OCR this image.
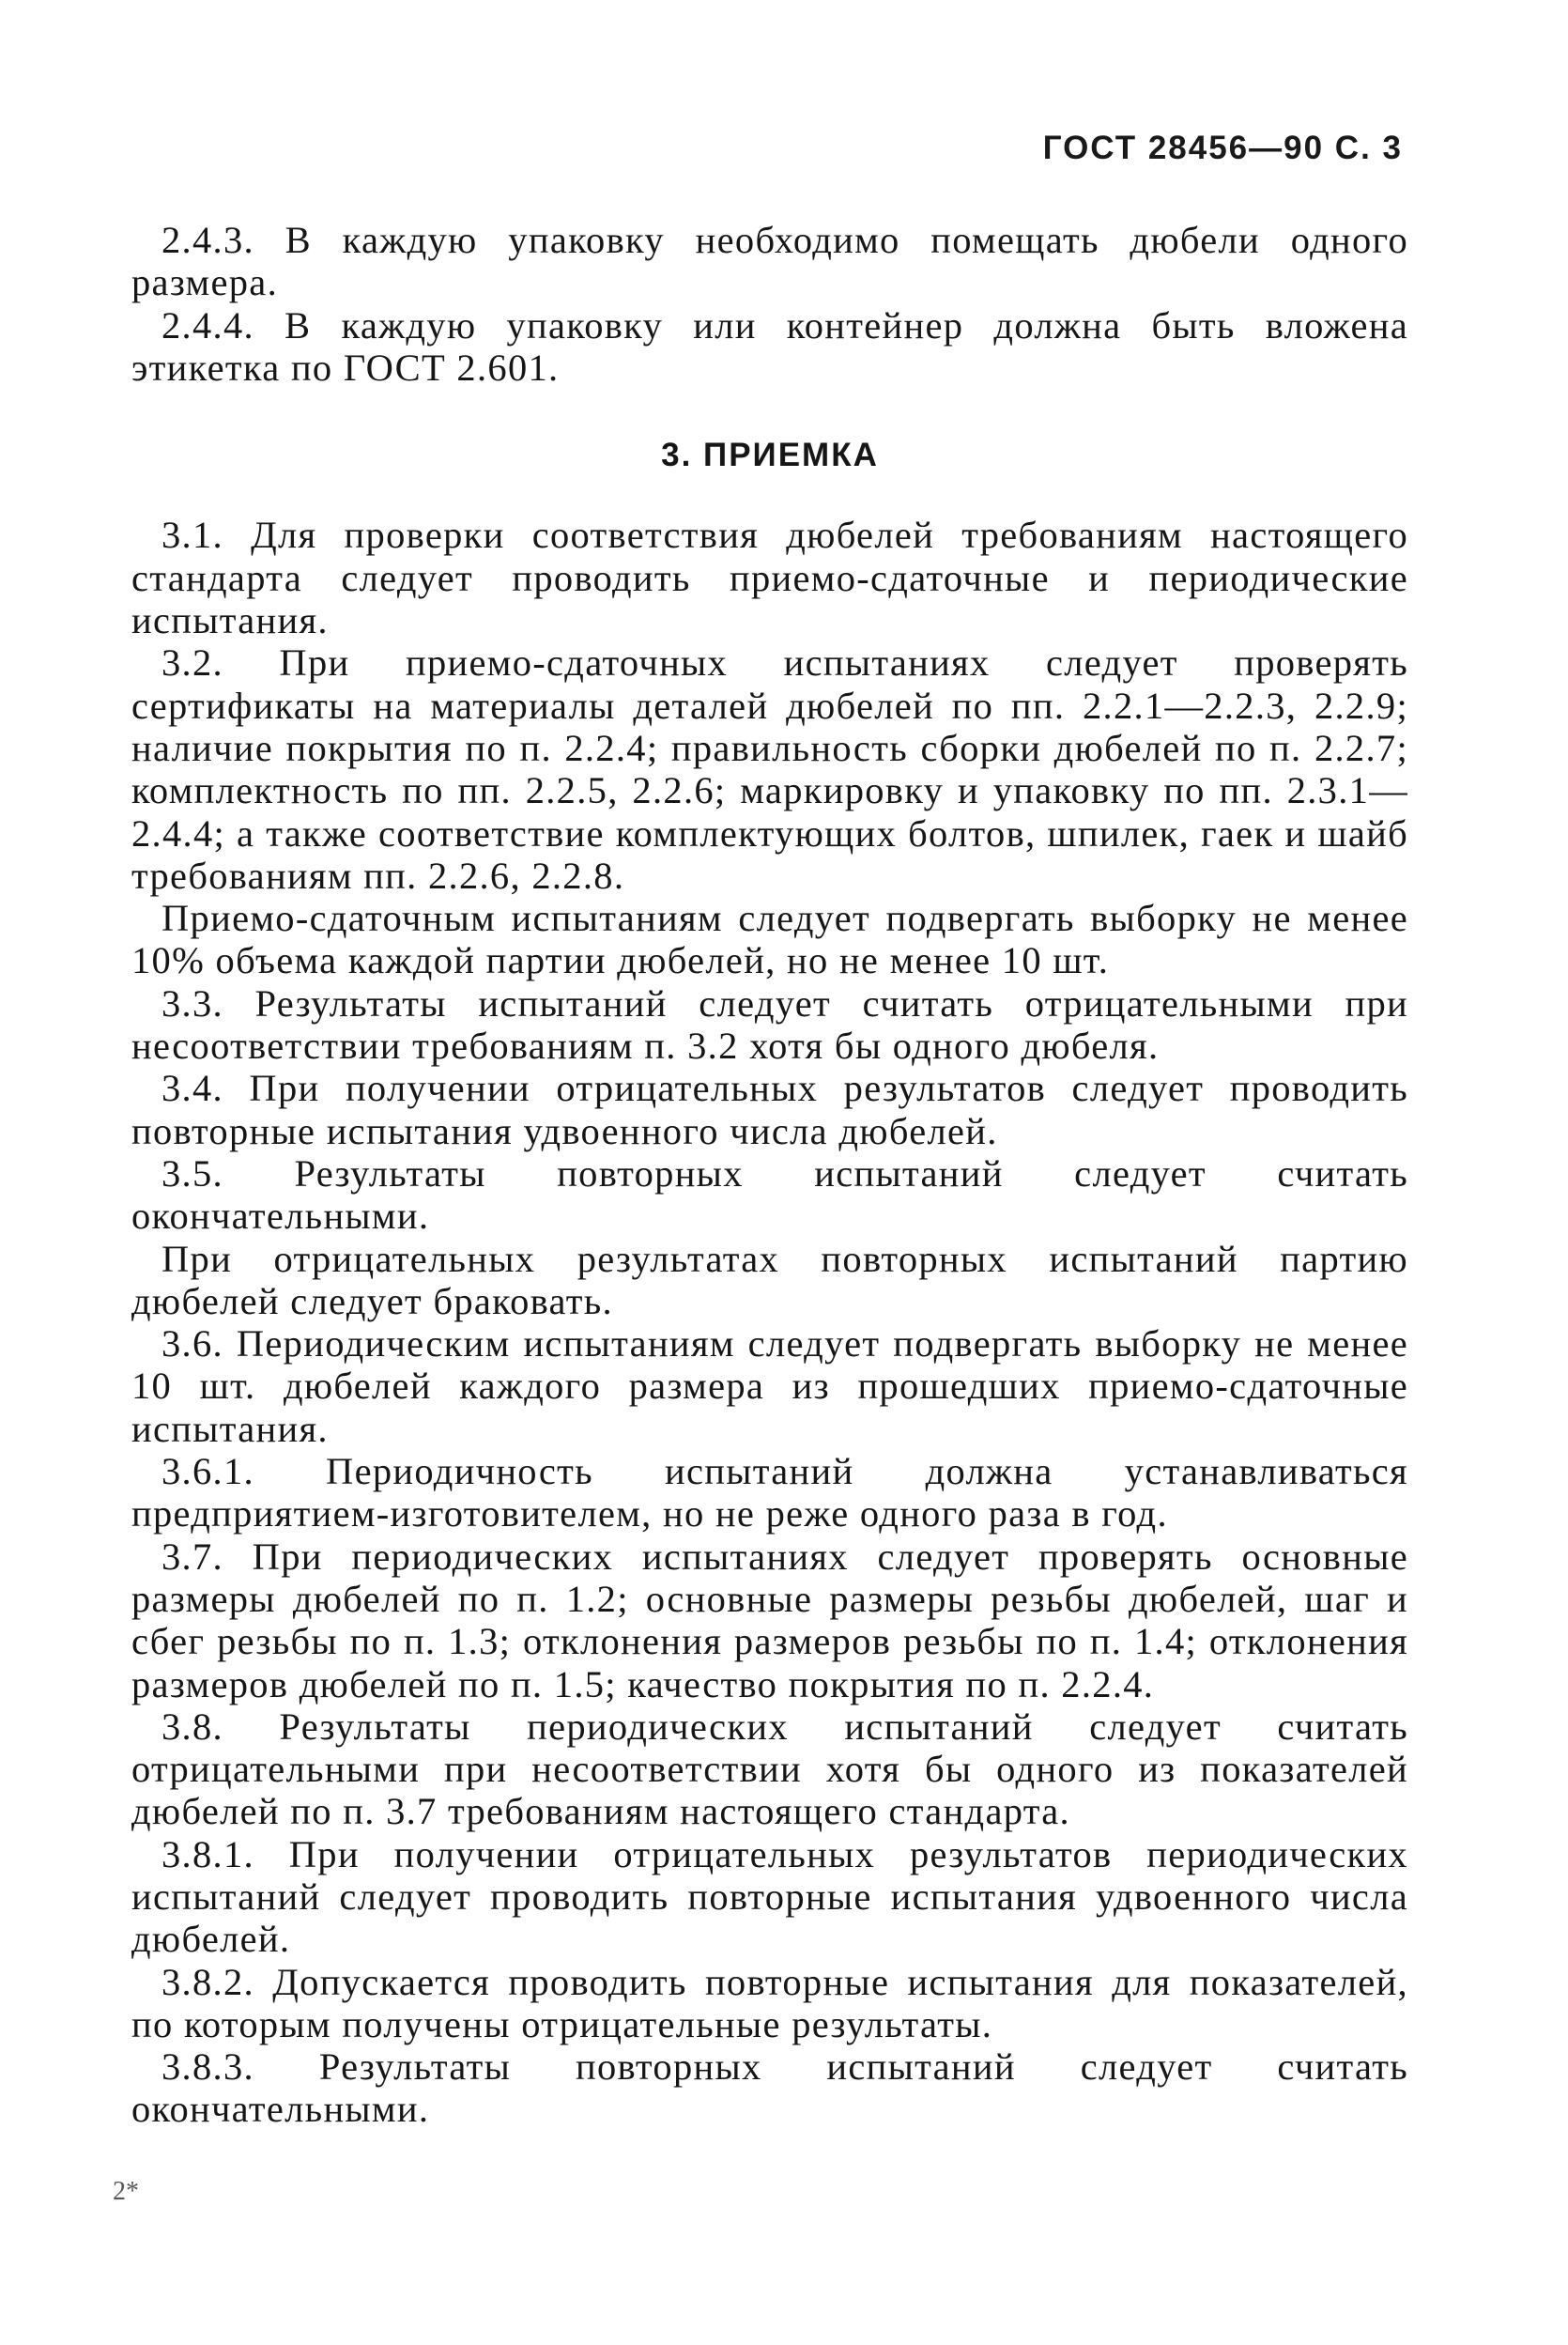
ГОСТ 28456—90 С. 3

2.4.3. В каждую упаковку необходимо помещать дюбели одного размера.

2.4.4. В каждую упаковку или контейнер должна быть вложена этикетка по ГОСТ 2.601.

3. ПРИЕМКА

3.1. Для проверки соответствия дюбелей требованиям настоящего стандарта следует проводить приемо-сдаточные и периодические испытания.

3.2. При приемо-сдаточных испытаниях следует проверять сертификаты на материалы деталей дюбелей по пп. 2.2.1—2.2.3, 2.2.9; наличие покрытия по п. 2.2.4; правильность сборки дюбелей по п. 2.2.7; комплектность по пп. 2.2.5, 2.2.6; маркировку и упаковку по пп. 2.3.1—2.4.4; а также соответствие комплектующих болтов, шпилек, гаек и шайб требованиям пп. 2.2.6, 2.2.8.

Приемо-сдаточным испытаниям следует подвергать выборку не менее 10% объема каждой партии дюбелей, но не менее 10 шт.

3.3. Результаты испытаний следует считать отрицательными при несоответствии требованиям п. 3.2 хотя бы одного дюбеля.

3.4. При получении отрицательных результатов следует проводить повторные испытания удвоенного числа дюбелей.

3.5. Результаты повторных испытаний следует считать окончательными.

При отрицательных результатах повторных испытаний партию дюбелей следует браковать.

3.6. Периодическим испытаниям следует подвергать выборку не менее 10 шт. дюбелей каждого размера из прошедших приемо-сдаточные испытания.

3.6.1. Периодичность испытаний должна устанавливаться предприятием-изготовителем, но не реже одного раза в год.

3.7. При периодических испытаниях следует проверять основные размеры дюбелей по п. 1.2; основные размеры резьбы дюбелей, шаг и сбег резьбы по п. 1.3; отклонения размеров резьбы по п. 1.4; отклонения размеров дюбелей по п. 1.5; качество покрытия по п. 2.2.4.

3.8. Результаты периодических испытаний следует считать отрицательными при несоответствии хотя бы одного из показателей дюбелей по п. 3.7 требованиям настоящего стандарта.

3.8.1. При получении отрицательных результатов периодических испытаний следует проводить повторные испытания удвоенного числа дюбелей.

3.8.2. Допускается проводить повторные испытания для показателей, по которым получены отрицательные результаты.

3.8.3. Результаты повторных испытаний следует считать окончательными.

2*
